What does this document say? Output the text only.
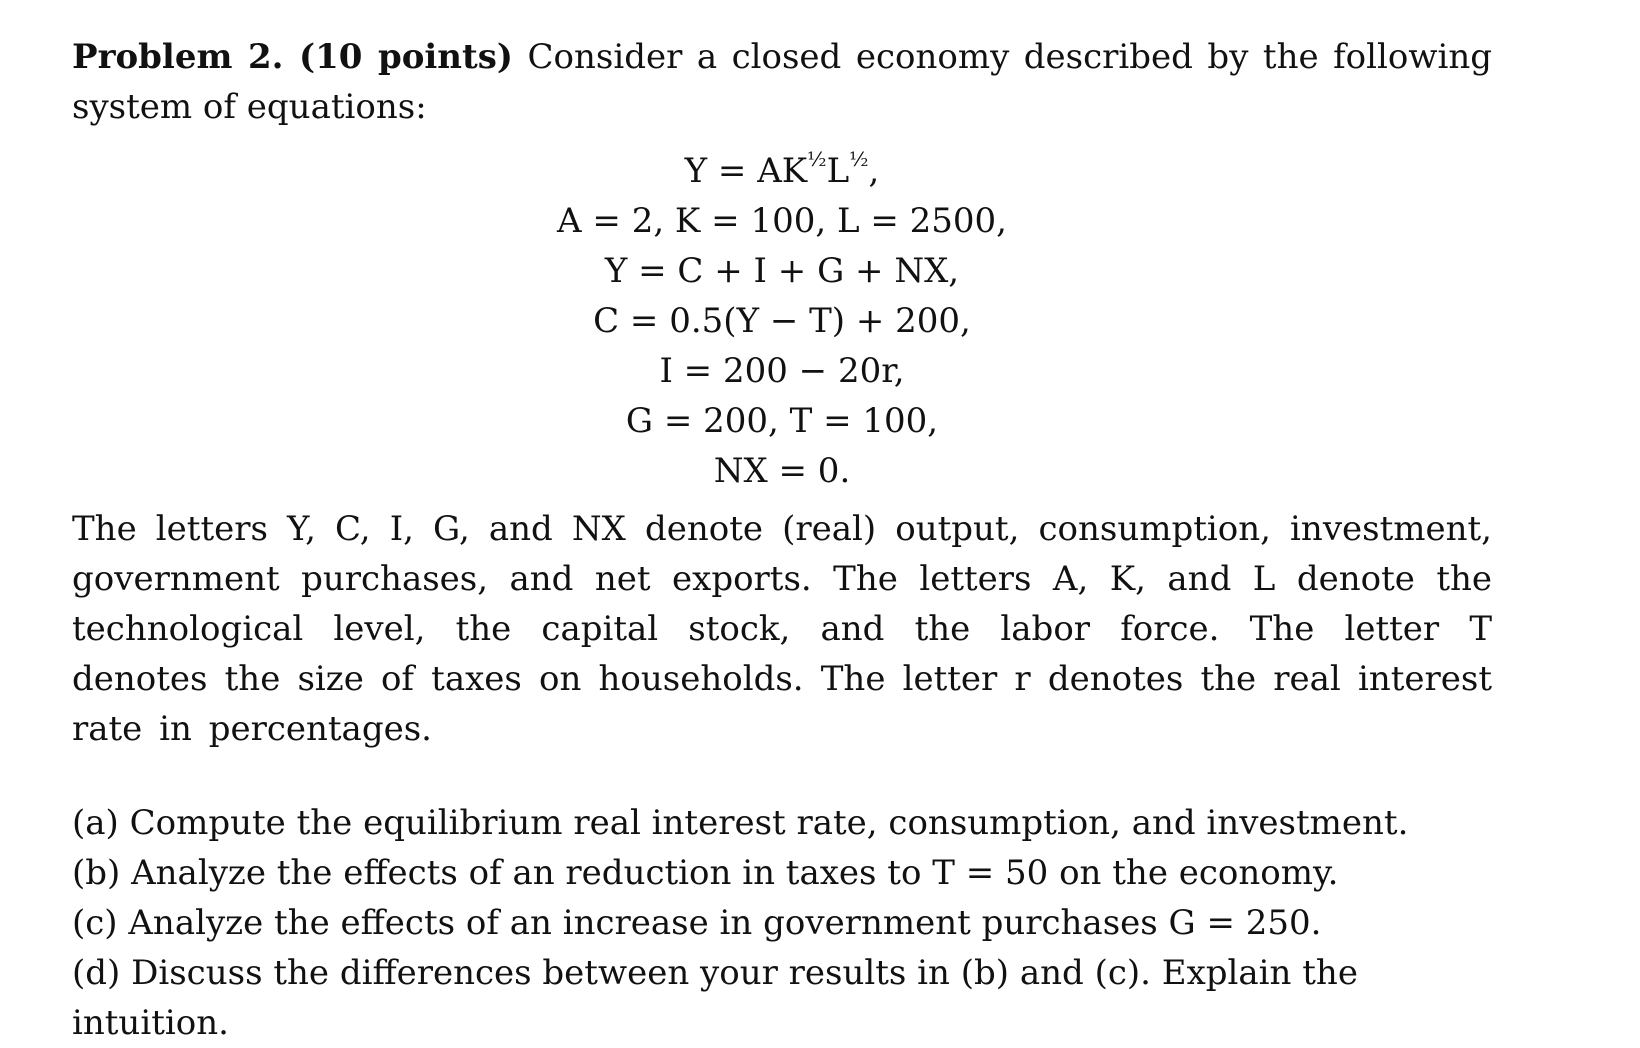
Problem 2. (10 points) Consider a closed economy described by the following system of equations:

$Y = AK^{\frac{1}{2}}L^{\frac{1}{2}}$,
A = 2, K = 100, L = 2500,
Y = C + I + G + NX,
C = 0.5(Y − T) + 200,
I = 200 − 20r,
G = 200, T = 100,
NX = 0.

The letters Y, C, I, G, and NX denote (real) output, consumption, investment, government purchases, and net exports. The letters A, K, and L denote the technological level, the capital stock, and the labor force. The letter T denotes the size of taxes on households. The letter r denotes the real interest rate in percentages.

(a) Compute the equilibrium real interest rate, consumption, and investment.
(b) Analyze the effects of an reduction in taxes to T = 50 on the economy.
(c) Analyze the effects of an increase in government purchases G = 250.
(d) Discuss the differences between your results in (b) and (c). Explain the intuition.
